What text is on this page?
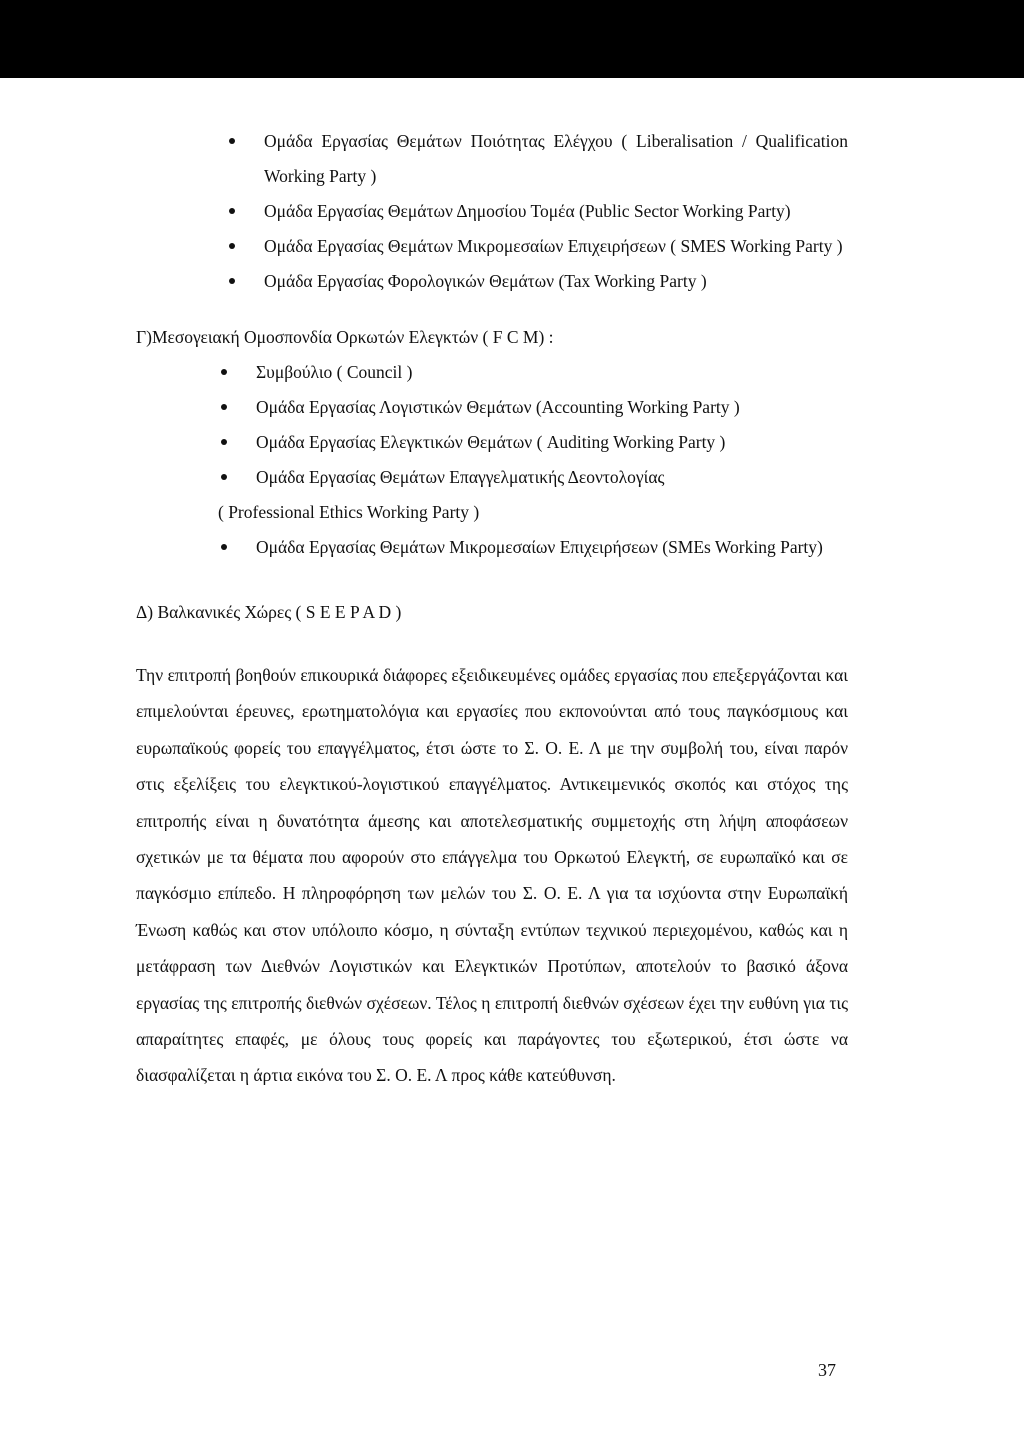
Ομάδα Εργασίας Θεμάτων Ποιότητας Ελέγχου ( Liberalisation / Qualification Working Party )
Ομάδα Εργασίας Θεμάτων Δημοσίου Τομέα (Public Sector Working Party)
Ομάδα Εργασίας Θεμάτων Μικρομεσαίων Επιχειρήσεων ( SMES Working Party )
Ομάδα Εργασίας Φορολογικών Θεμάτων (Tax Working Party )
Γ)Μεσογειακή Ομοσπονδία Ορκωτών Ελεγκτών ( F C M) :
Συμβούλιο ( Council )
Ομάδα Εργασίας Λογιστικών Θεμάτων (Accounting Working Party )
Ομάδα Εργασίας Ελεγκτικών Θεμάτων ( Auditing Working Party )
Ομάδα Εργασίας Θεμάτων Επαγγελματικής Δεοντολογίας
( Professional Ethics Working Party )
Ομάδα Εργασίας Θεμάτων Μικρομεσαίων Επιχειρήσεων (SMEs Working Party)
Δ) Βαλκανικές Χώρες ( S E E P A D )

Την επιτροπή βοηθούν επικουρικά διάφορες εξειδικευμένες ομάδες εργασίας που επεξεργάζονται και επιμελούνται έρευνες, ερωτηματολόγια και εργασίες που εκπονούνται από τους παγκόσμιους και ευρωπαϊκούς φορείς του επαγγέλματος, έτσι ώστε το Σ. Ο. Ε. Λ με την συμβολή του, είναι παρόν στις εξελίξεις του ελεγκτικού-λογιστικού επαγγέλματος. Αντικειμενικός σκοπός και στόχος της επιτροπής είναι η δυνατότητα άμεσης και αποτελεσματικής συμμετοχής στη λήψη αποφάσεων σχετικών με τα θέματα που αφορούν στο επάγγελμα του Ορκωτού Ελεγκτή, σε ευρωπαϊκό και σε παγκόσμιο επίπεδο. Η πληροφόρηση των μελών του Σ. Ο. Ε. Λ για τα ισχύοντα στην Ευρωπαϊκή Ένωση καθώς και στον υπόλοιπο κόσμο, η σύνταξη εντύπων τεχνικού περιεχομένου, καθώς και η μετάφραση των Διεθνών Λογιστικών και Ελεγκτικών Προτύπων, αποτελούν το βασικό άξονα εργασίας της επιτροπής διεθνών σχέσεων. Τέλος η επιτροπή διεθνών σχέσεων έχει την ευθύνη για τις απαραίτητες επαφές, με όλους τους φορείς και παράγοντες του εξωτερικού, έτσι ώστε να διασφαλίζεται η άρτια εικόνα του Σ. Ο. Ε. Λ προς κάθε κατεύθυνση.

37
